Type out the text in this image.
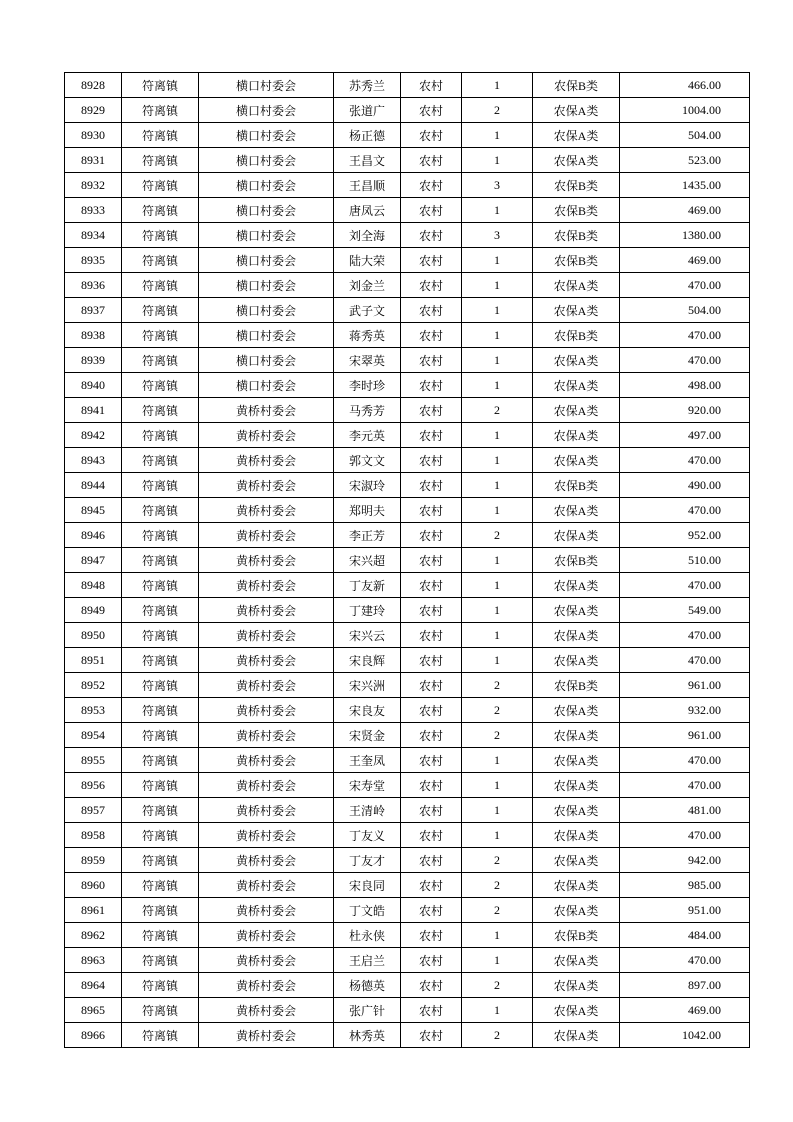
8928	符离镇	横口村委会	苏秀兰	农村	1	农保B类	466.00
8929	符离镇	横口村委会	张道广	农村	2	农保A类	1004.00
8930	符离镇	横口村委会	杨正德	农村	1	农保A类	504.00
8931	符离镇	横口村委会	王昌文	农村	1	农保A类	523.00
8932	符离镇	横口村委会	王昌顺	农村	3	农保B类	1435.00
8933	符离镇	横口村委会	唐凤云	农村	1	农保B类	469.00
8934	符离镇	横口村委会	刘全海	农村	3	农保B类	1380.00
8935	符离镇	横口村委会	陆大荣	农村	1	农保B类	469.00
8936	符离镇	横口村委会	刘金兰	农村	1	农保A类	470.00
8937	符离镇	横口村委会	武子文	农村	1	农保A类	504.00
8938	符离镇	横口村委会	蒋秀英	农村	1	农保B类	470.00
8939	符离镇	横口村委会	宋翠英	农村	1	农保A类	470.00
8940	符离镇	横口村委会	李时珍	农村	1	农保A类	498.00
8941	符离镇	黄桥村委会	马秀芳	农村	2	农保A类	920.00
8942	符离镇	黄桥村委会	李元英	农村	1	农保A类	497.00
8943	符离镇	黄桥村委会	郭文文	农村	1	农保A类	470.00
8944	符离镇	黄桥村委会	宋淑玲	农村	1	农保B类	490.00
8945	符离镇	黄桥村委会	郑明夫	农村	1	农保A类	470.00
8946	符离镇	黄桥村委会	李正芳	农村	2	农保A类	952.00
8947	符离镇	黄桥村委会	宋兴超	农村	1	农保B类	510.00
8948	符离镇	黄桥村委会	丁友新	农村	1	农保A类	470.00
8949	符离镇	黄桥村委会	丁建玲	农村	1	农保A类	549.00
8950	符离镇	黄桥村委会	宋兴云	农村	1	农保A类	470.00
8951	符离镇	黄桥村委会	宋良辉	农村	1	农保A类	470.00
8952	符离镇	黄桥村委会	宋兴洲	农村	2	农保B类	961.00
8953	符离镇	黄桥村委会	宋良友	农村	2	农保A类	932.00
8954	符离镇	黄桥村委会	宋贤金	农村	2	农保A类	961.00
8955	符离镇	黄桥村委会	王奎凤	农村	1	农保A类	470.00
8956	符离镇	黄桥村委会	宋寿堂	农村	1	农保A类	470.00
8957	符离镇	黄桥村委会	王清岭	农村	1	农保A类	481.00
8958	符离镇	黄桥村委会	丁友义	农村	1	农保A类	470.00
8959	符离镇	黄桥村委会	丁友才	农村	2	农保A类	942.00
8960	符离镇	黄桥村委会	宋良同	农村	2	农保A类	985.00
8961	符离镇	黄桥村委会	丁文皓	农村	2	农保A类	951.00
8962	符离镇	黄桥村委会	杜永侠	农村	1	农保B类	484.00
8963	符离镇	黄桥村委会	王启兰	农村	1	农保A类	470.00
8964	符离镇	黄桥村委会	杨德英	农村	2	农保A类	897.00
8965	符离镇	黄桥村委会	张广针	农村	1	农保A类	469.00
8966	符离镇	黄桥村委会	林秀英	农村	2	农保A类	1042.00
